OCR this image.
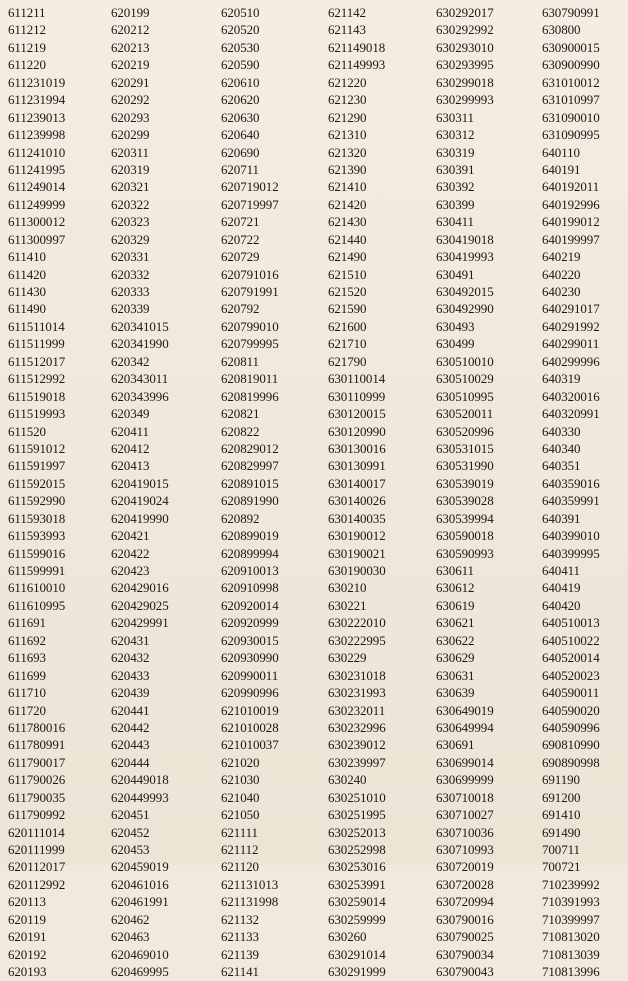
611211
611212
611219
611220
611231019
611231994
611239013
611239998
611241010
611241995
611249014
611249999
611300012
611300997
611410
611420
611430
611490
611511014
611511999
611512017
611512992
611519018
611519993
611520
611591012
611591997
611592015
611592990
611593018
611593993
611599016
611599991
611610010
611610995
611691
611692
611693
611699
611710
611720
611780016
611780991
611790017
611790026
611790035
611790992
620111014
620111999
620112017
620112992
620113
620119
620191
620192
620193
620199
620212
620213
620219
620291
620292
620293
620299
620311
620319
620321
620322
620323
620329
620331
620332
620333
620339
620341015
620341990
620342
620343011
620343996
620349
620411
620412
620413
620419015
620419024
620419990
620421
620422
620423
620429016
620429025
620429991
620431
620432
620433
620439
620441
620442
620443
620444
620449018
620449993
620451
620452
620453
620459019
620461016
620461991
620462
620463
620469010
620469995
620510
620520
620530
620590
620610
620620
620630
620640
620690
620711
620719012
620719997
620721
620722
620729
620791016
620791991
620792
620799010
620799995
620811
620819011
620819996
620821
620822
620829012
620829997
620891015
620891990
620892
620899019
620899994
620910013
620910998
620920014
620920999
620930015
620930990
620990011
620990996
621010019
621010028
621010037
621020
621030
621040
621050
621111
621112
621120
621131013
621131998
621132
621133
621139
621141
621142
621143
621149018
621149993
621220
621230
621290
621310
621320
621390
621410
621420
621430
621440
621490
621510
621520
621590
621600
621710
621790
630110014
630110999
630120015
630120990
630130016
630130991
630140017
630140026
630140035
630190012
630190021
630190030
630210
630221
630222010
630222995
630229
630231018
630231993
630232011
630232996
630239012
630239997
630240
630251010
630251995
630252013
630252998
630253016
630253991
630259014
630259999
630260
630291014
630291999
630292017
630292992
630293010
630293995
630299018
630299993
630311
630312
630319
630391
630392
630399
630411
630419018
630419993
630491
630492015
630492990
630493
630499
630510010
630510029
630510995
630520011
630520996
630531015
630531990
630539019
630539028
630539994
630590018
630590993
630611
630612
630619
630621
630622
630629
630631
630639
630649019
630649994
630691
630699014
630699999
630710018
630710027
630710036
630710993
630720019
630720028
630720994
630790016
630790025
630790034
630790043
630790991
630800
630900015
630900990
631010012
631010997
631090010
631090995
640110
640191
640192011
640192996
640199012
640199997
640219
640220
640230
640291017
640291992
640299011
640299996
640319
640320016
640320991
640330
640340
640351
640359016
640359991
640391
640399010
640399995
640411
640419
640420
640510013
640510022
640520014
640520023
640590011
640590020
640590996
690810990
690890998
691190
691200
691410
691490
700711
700721
710239992
710391993
710399997
710813020
710813039
710813996
